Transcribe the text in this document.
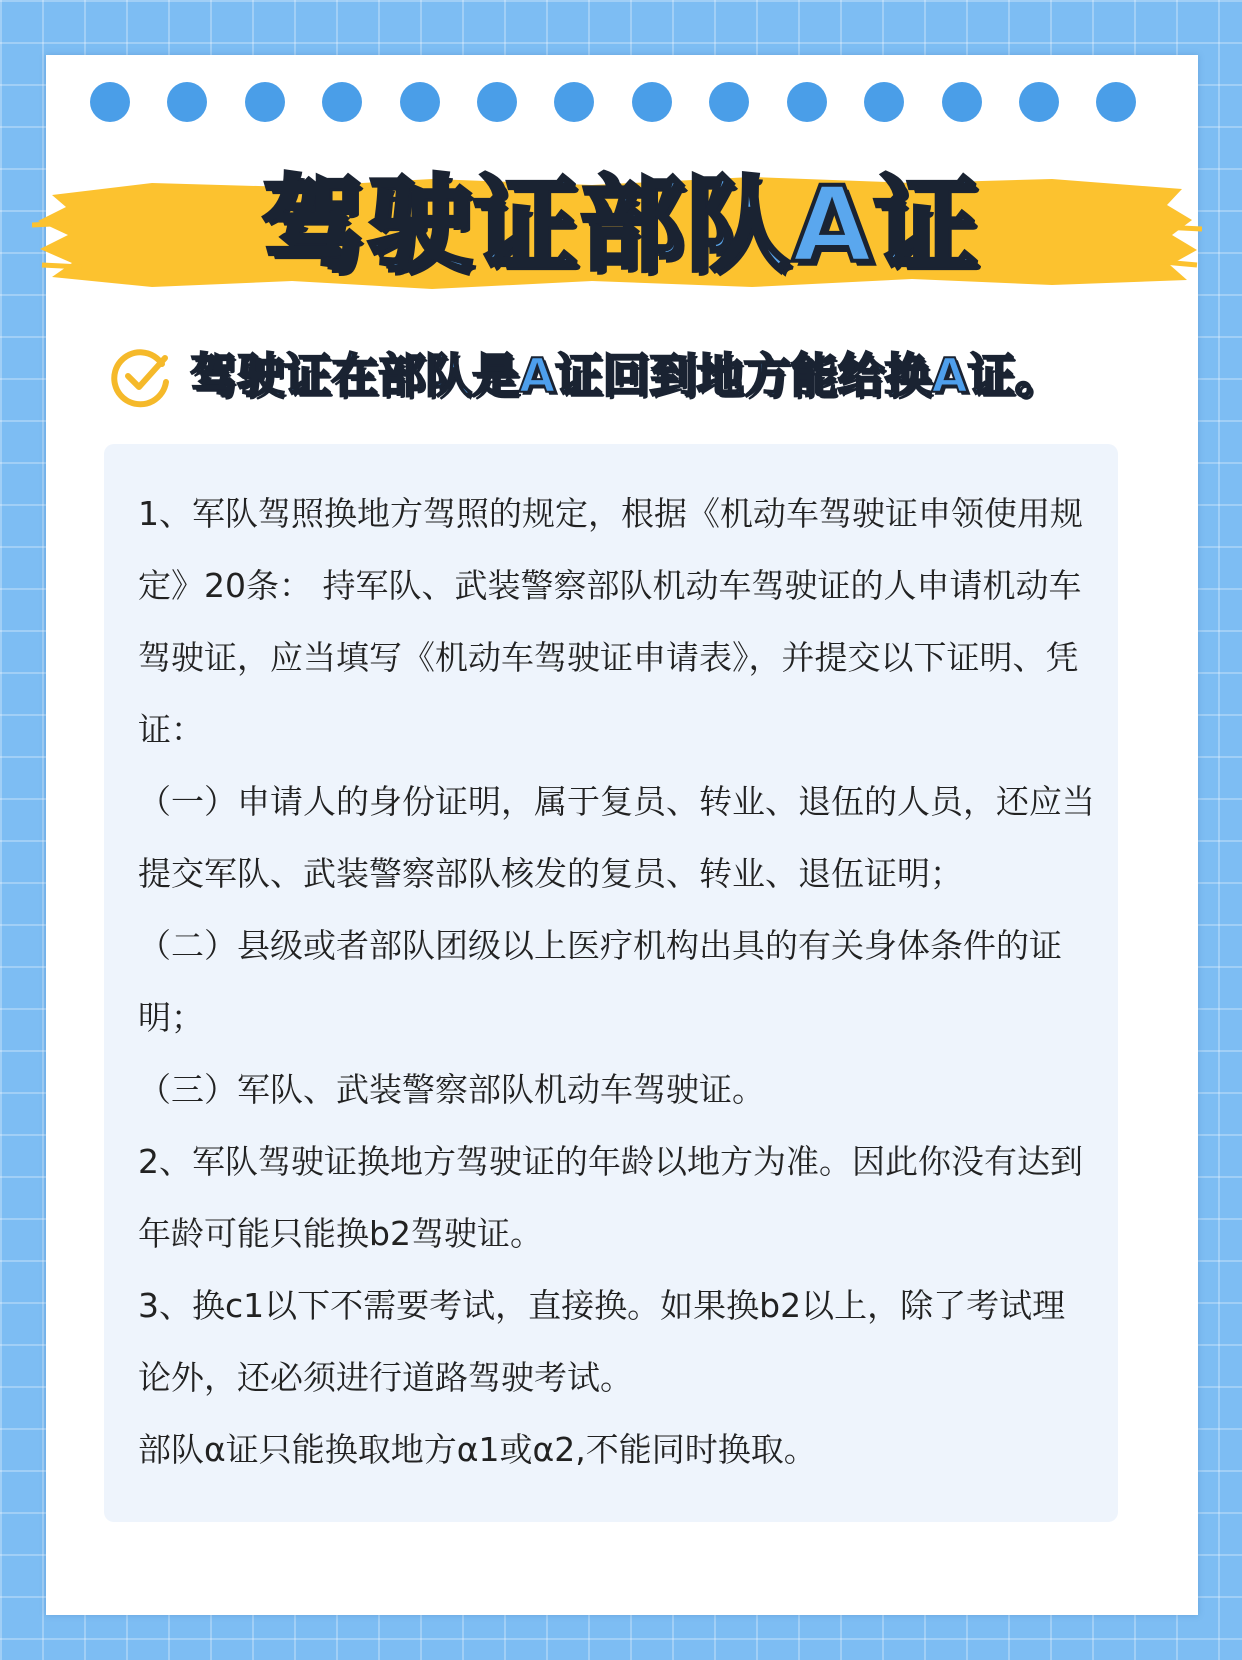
驾驶证部队A证
驾驶证在部队是A证回到地方能给换A证。

1、军队驾照换地方驾照的规定，根据《机动车驾驶证申领使用规定》20条： 持军队、武装警察部队机动车驾驶证的人申请机动车驾驶证，应当填写《机动车驾驶证申请表》，并提交以下证明、凭证：

（一）申请人的身份证明，属于复员、转业、退伍的人员，还应当提交军队、武装警察部队核发的复员、转业、退伍证明；

（二）县级或者部队团级以上医疗机构出具的有关身体条件的证明；

（三）军队、武装警察部队机动车驾驶证。

2、军队驾驶证换地方驾驶证的年龄以地方为准。因此你没有达到年龄可能只能换b2驾驶证。

3、换c1以下不需要考试，直接换。如果换b2以上，除了考试理论外，还必须进行道路驾驶考试。

部队α证只能换取地方α1或α2,不能同时换取。
